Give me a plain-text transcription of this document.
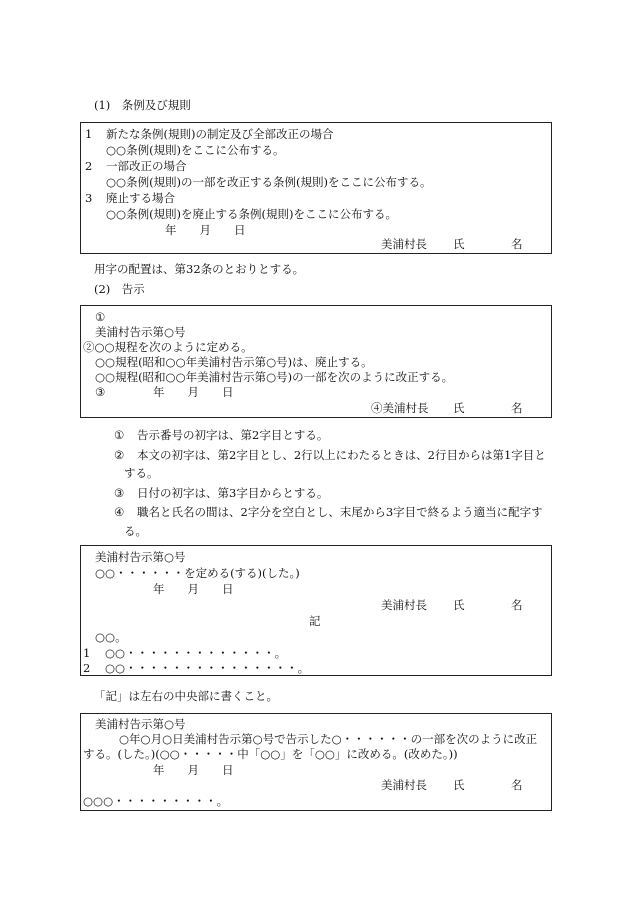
(1)　条例及び規則
1 新たな条例(規則)の制定及び全部改正の場合
○○条例(規則)をここに公布する。
2 一部改正の場合
○○条例(規則)の一部を改正する条例(規則)をここに公布する。
3 廃止する場合
○○条例(規則)を廃止する条例(規則)をここに公布する。
年　　月　　日
美浦村長 氏	名
用字の配置は、第32条のとおりとする。
(2)　告示
①
美浦村告示第○号
②○○規程を次のように定める。
○○規程(昭和○○年美浦村告示第○号)は、廃止する。
○○規程(昭和○○年美浦村告示第○号)の一部を次のように改正する。
③	年　　月　　日
④美浦村長 氏	名
① 告示番号の初字は、第2字目とする。
② 本文の初字は、第2字目とし、2行以上にわたるときは、2行目からは第1字目と
する。
③ 日付の初字は、第3字目からとする。
④ 職名と氏名の間は、2字分を空白とし、末尾から3字目で終るよう適当に配字す
る。
美浦村告示第○号
○○・・・・・・を定める(する)(した。)
年　　月　　日
美浦村長 氏	名
記
○○。
1 ○○・・・・・・・・・・・・・。
2 ○○・・・・・・・・・・・・・・・。
「記」は左右の中央部に書くこと。
美浦村告示第○号
○年○月○日美浦村告示第○号で告示した○・・・・・・の一部を次のように改正
する。(した。)(○○・・・・・中「○○」を「○○」に改める。(改めた。))
年　　月　　日
美浦村長 氏	名
○○○・・・・・・・・・。
